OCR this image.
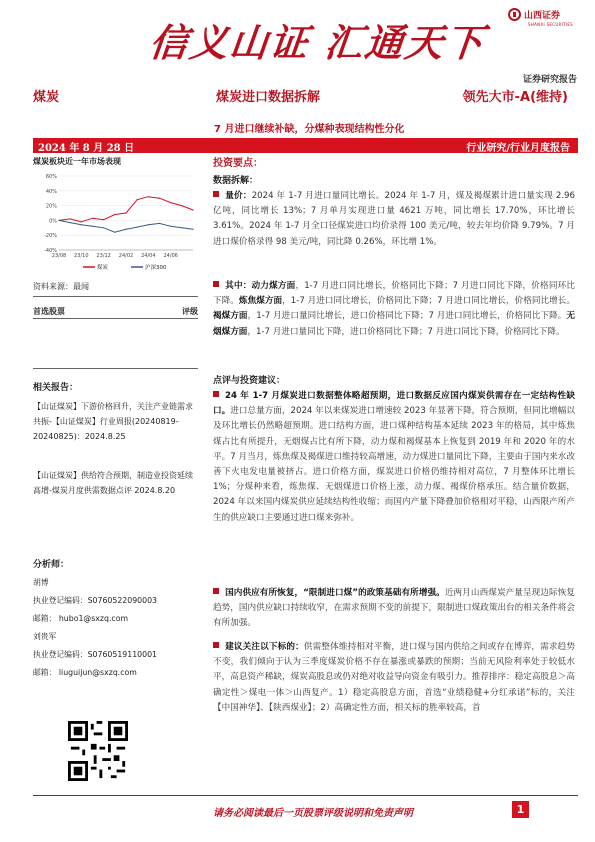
信义山证 汇通天下
山西证券
SHANXI SECURITIES
证券研究报告
煤炭	煤炭进口数据拆解	领先大市-A(维持)
7 月进口继续补缺，分煤种表现结构性分化
2024 年 8 月 28 日	行业研究/行业月度报告
煤炭板块近一年市场表现
60%
40%
20%
0%
-20%
-40%
23/08 23/10 23/12 24/02 24/04 24/06
煤炭	沪深300
资料来源：最闻
首选股票	评级
相关报告：
【山证煤炭】下游价格回升，关注产业链需求共振-【山证煤炭】行业周报(20240819-20240825)：2024.8.25
【山证煤炭】供给符合预期，制造业投资延续高增-煤炭月度供需数据点评 2024.8.20
分析师：
胡博
执业登记编码：S0760522090003
邮箱： hubo1@sxzq.com
刘贵军
执业登记编码：S0760519110001
邮箱： liuguijun@sxzq.com
投资要点：
数据拆解：
量价：2024 年 1-7 月进口量同比增长。2024 年 1-7 月，煤及褐煤累计进口量实现 2.96 亿吨，同比增长 13%；7 月单月实现进口量 4621 万吨，同比增长 17.70%，环比增长 3.61%。2024 年 1-7 月全口径煤炭进口均价录得 100 美元/吨，较去年均价降 9.79%。7 月进口煤价格录得 98 美元/吨，同比降 0.26%，环比增 1%。
其中：动力煤方面，1-7 月进口同比增长，价格同比下降；7 月进口同比下降，价格同环比下降。炼焦煤方面，1-7 月进口同比增长，价格同比下降；7 月进口同比增长，价格同比增长。褐煤方面，1-7 月进口量同比增长，进口价格同比下降；7 月进口同比增长，价格同比下降。无烟煤方面，1-7 月进口量同比下降，进口价格同比下降；7 月进口同比下降，价格同比下降。
点评与投资建议：
24 年 1-7 月煤炭进口数据整体略超预期，进口数据反应国内煤炭供需存在一定结构性缺口。进口总量方面，2024 年以来煤炭进口增速较 2023 年显著下降，符合预期，但同比增幅以及环比增长仍然略超预期。进口结构方面，进口煤种结构基本延续 2023 年的格局，其中炼焦煤占比有所提升，无烟煤占比有所下降，动力煤和褐煤基本上恢复到 2019 年和 2020 年的水平。7 月当月，炼焦煤及褐煤进口维持较高增速，动力煤进口量同比下降，主要由于国内来水改善下火电发电量被挤占。进口价格方面，煤炭进口价格仍维持相对高位，7 月整体环比增长 1%；分煤种来看，炼焦煤、无烟煤进口价格上涨，动力煤、褐煤价格承压。结合量价数据，2024 年以来国内煤炭供应延续结构性收缩；而国内产量下降叠加价格相对平稳，山西限产所产生的供应缺口主要通过进口煤来弥补。
国内供应有所恢复，“限制进口煤”的政策基础有所增强。近两月山西煤炭产量呈现边际恢复趋势，国内供应缺口持续收窄，在需求预期不变的前提下，限制进口煤政策出台的相关条件将会有所加强。
建议关注以下标的：供需整体维持相对平衡，进口煤与国内供给之间或存在博弈，需求趋势不变，我们倾向于认为三季度煤炭价格不存在暴涨或暴跌的预期；当前无风险利率处于较低水平，高息资产稀缺，煤炭高股息或仍对绝对收益导向资金有吸引力。推荐排序：稳定高股息＞高确定性＞煤电一体＞山西复产。1）稳定高股息方面，首选“业绩稳健+分红承诺”标的，关注【中国神华】、【陕西煤业】；2）高确定性方面，相关标的胜率较高，首
请务必阅读最后一页股票评级说明和免责声明	1
